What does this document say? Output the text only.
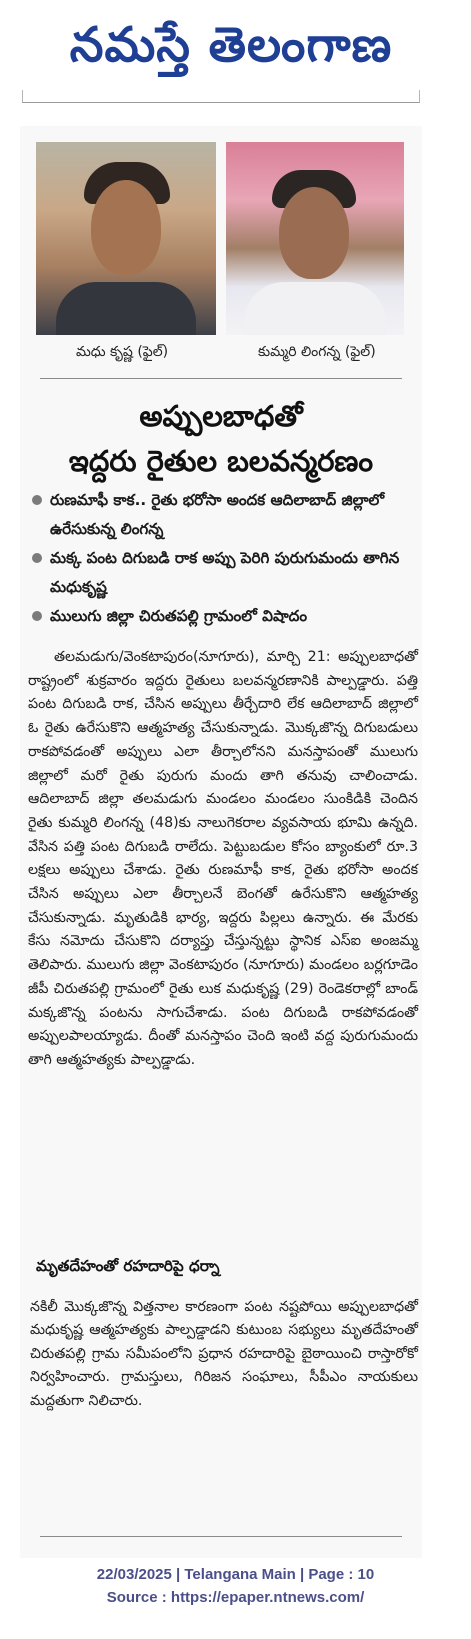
నమస్తే తెలంగాణ
మధు కృష్ణ (ఫైల్)	కుమ్మరి లింగన్న (ఫైల్)
అప్పులబాధతో
ఇద్దరు రైతుల బలవన్మరణం
రుణమాఫీ కాక.. రైతు భరోసా అందక ఆదిలాబాద్ జిల్లాలో ఉరేసుకున్న లింగన్న
మక్క పంట దిగుబడి రాక అప్పు పెరిగి పురుగుమందు తాగిన మధుకృష్ణ
ములుగు జిల్లా చిరుతపల్లి గ్రామంలో విషాదం

తలమడుగు/వెంకటాపురం(నూగూరు), మార్చి 21: అప్పులబాధతో రాష్ట్రంలో శుక్రవారం ఇద్దరు రైతులు బలవన్మరణానికి పాల్పడ్డారు. పత్తి పంట దిగుబడి రాక, చేసిన అప్పులు తీర్చేదారి లేక ఆదిలాబాద్ జిల్లాలో ఓ రైతు ఉరేసుకొని ఆత్మహత్య చేసుకున్నాడు. మొక్కజొన్న దిగుబడులు రాకపోవడంతో అప్పులు ఎలా తీర్చాలోనని మనస్తాపంతో ములుగు జిల్లాలో మరో రైతు పురుగు మందు తాగి తనువు చాలించాడు. ఆదిలాబాద్ జిల్లా తలమడుగు మండలం మండలం సుంకిడికి చెందిన రైతు కుమ్మరి లింగన్న (48)కు నాలుగెకరాల వ్యవసాయ భూమి ఉన్నది. వేసిన పత్తి పంట దిగుబడి రాలేదు. పెట్టుబడుల కోసం బ్యాంకులో రూ.3 లక్షలు అప్పులు చేశాడు. రైతు రుణమాఫీ కాక, రైతు భరోసా అందక చేసిన అప్పులు ఎలా తీర్చాలనే బెంగతో ఉరేసుకొని ఆత్మహత్య చేసుకున్నాడు. మృతుడికి భార్య, ఇద్దరు పిల్లలు ఉన్నారు. ఈ మేరకు కేసు నమోదు చేసుకొని దర్యాప్తు చేస్తున్నట్టు స్థానిక ఎస్ఐ అంజమ్మ తెలిపారు. ములుగు జిల్లా వెంకటాపురం (నూగూరు) మండలం బర్లగూడెం జీపీ చిరుతపల్లి గ్రామంలో రైతు లుక మధుకృష్ణ (29) రెండెకరాల్లో బాండ్ మక్కజొన్న పంటను సాగుచేశాడు. పంట దిగుబడి రాకపోవడంతో అప్పులపాలయ్యాడు. దీంతో మనస్తాపం చెంది ఇంటి వద్ద పురుగుమందు తాగి ఆత్మహత్యకు పాల్పడ్డాడు.

మృతదేహంతో రహదారిపై ధర్నా

నకిలీ మొక్కజొన్న విత్తనాల కారణంగా పంట నష్టపోయి అప్పులబాధతో మధుకృష్ణ ఆత్మహత్యకు పాల్పడ్డాడని కుటుంబ సభ్యులు మృతదేహంతో చిరుతపల్లి గ్రామ సమీపంలోని ప్రధాన రహదారిపై బైఠాయించి రాస్తారోకో నిర్వహించారు. గ్రామస్తులు, గిరిజన సంఘాలు, సీపీఎం నాయకులు మద్దతుగా నిలిచారు.

22/03/2025 | Telangana Main | Page : 10
Source : https://epaper.ntnews.com/
